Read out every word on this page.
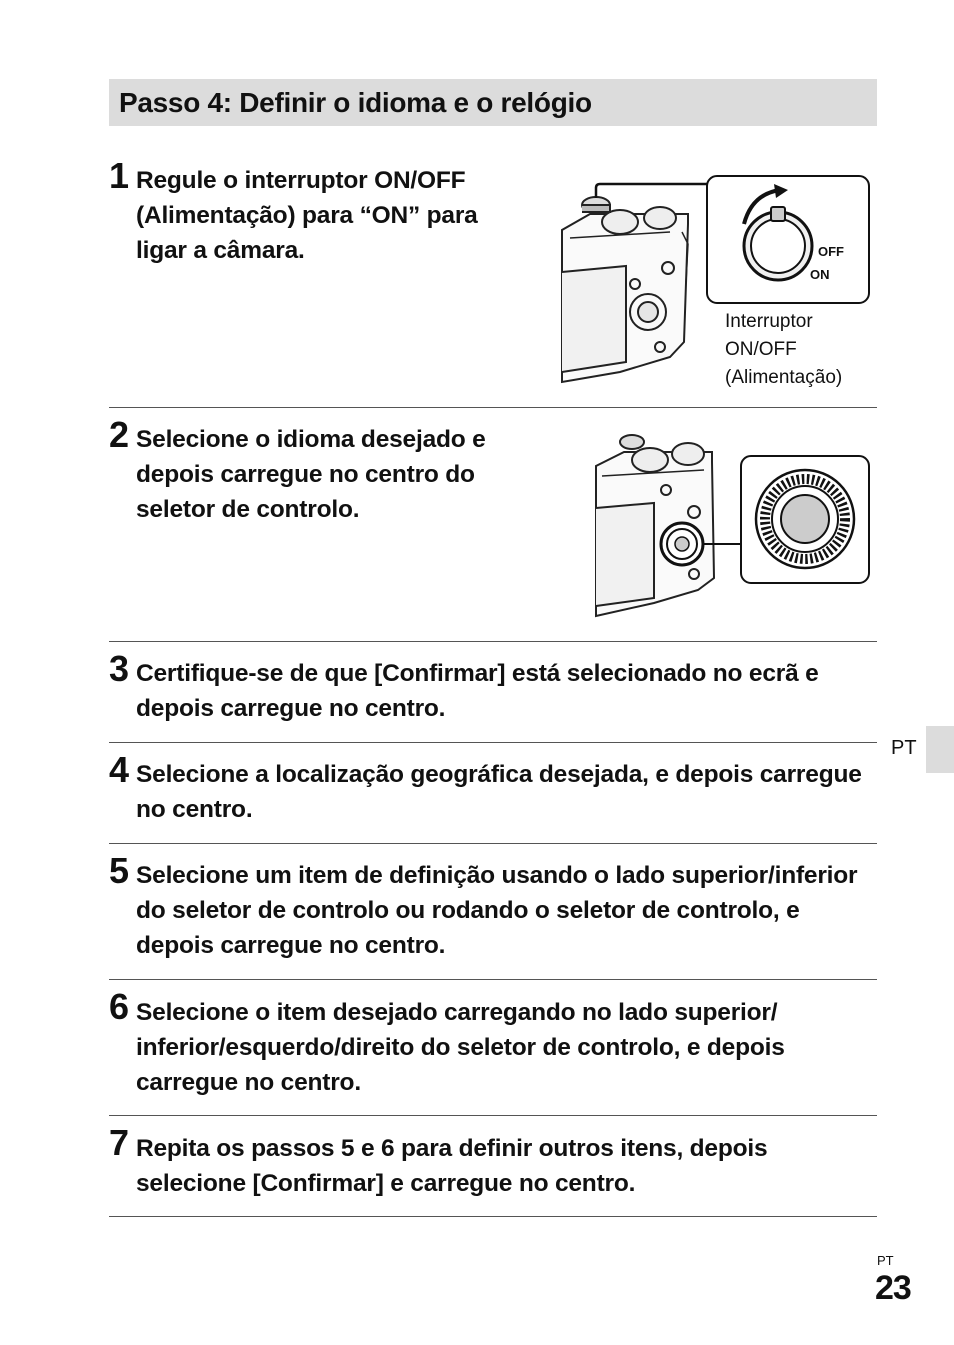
Passo 4: Definir o idioma e o relógio
1 Regule o interruptor ON/OFF
(Alimentação) para “ON” para
ligar a câmara.	OFF
ON
Interruptor
ON/OFF
(Alimentação)
2 Selecione o idioma desejado e
depois carregue no centro do
seletor de controlo.
3 Certifique-se de que [Confirmar] está selecionado no ecrã e
depois carregue no centro.
4 Selecione a localização geográfica desejada, e depois carregue
no centro.
5 Selecione um item de definição usando o lado superior/inferior
do seletor de controlo ou rodando o seletor de controlo, e
depois carregue no centro.
6 Selecione o item desejado carregando no lado superior/
inferior/esquerdo/direito do seletor de controlo, e depois
carregue no centro.
7 Repita os passos 5 e 6 para definir outros itens, depois
selecione [Confirmar] e carregue no centro.
PT
PT
23
